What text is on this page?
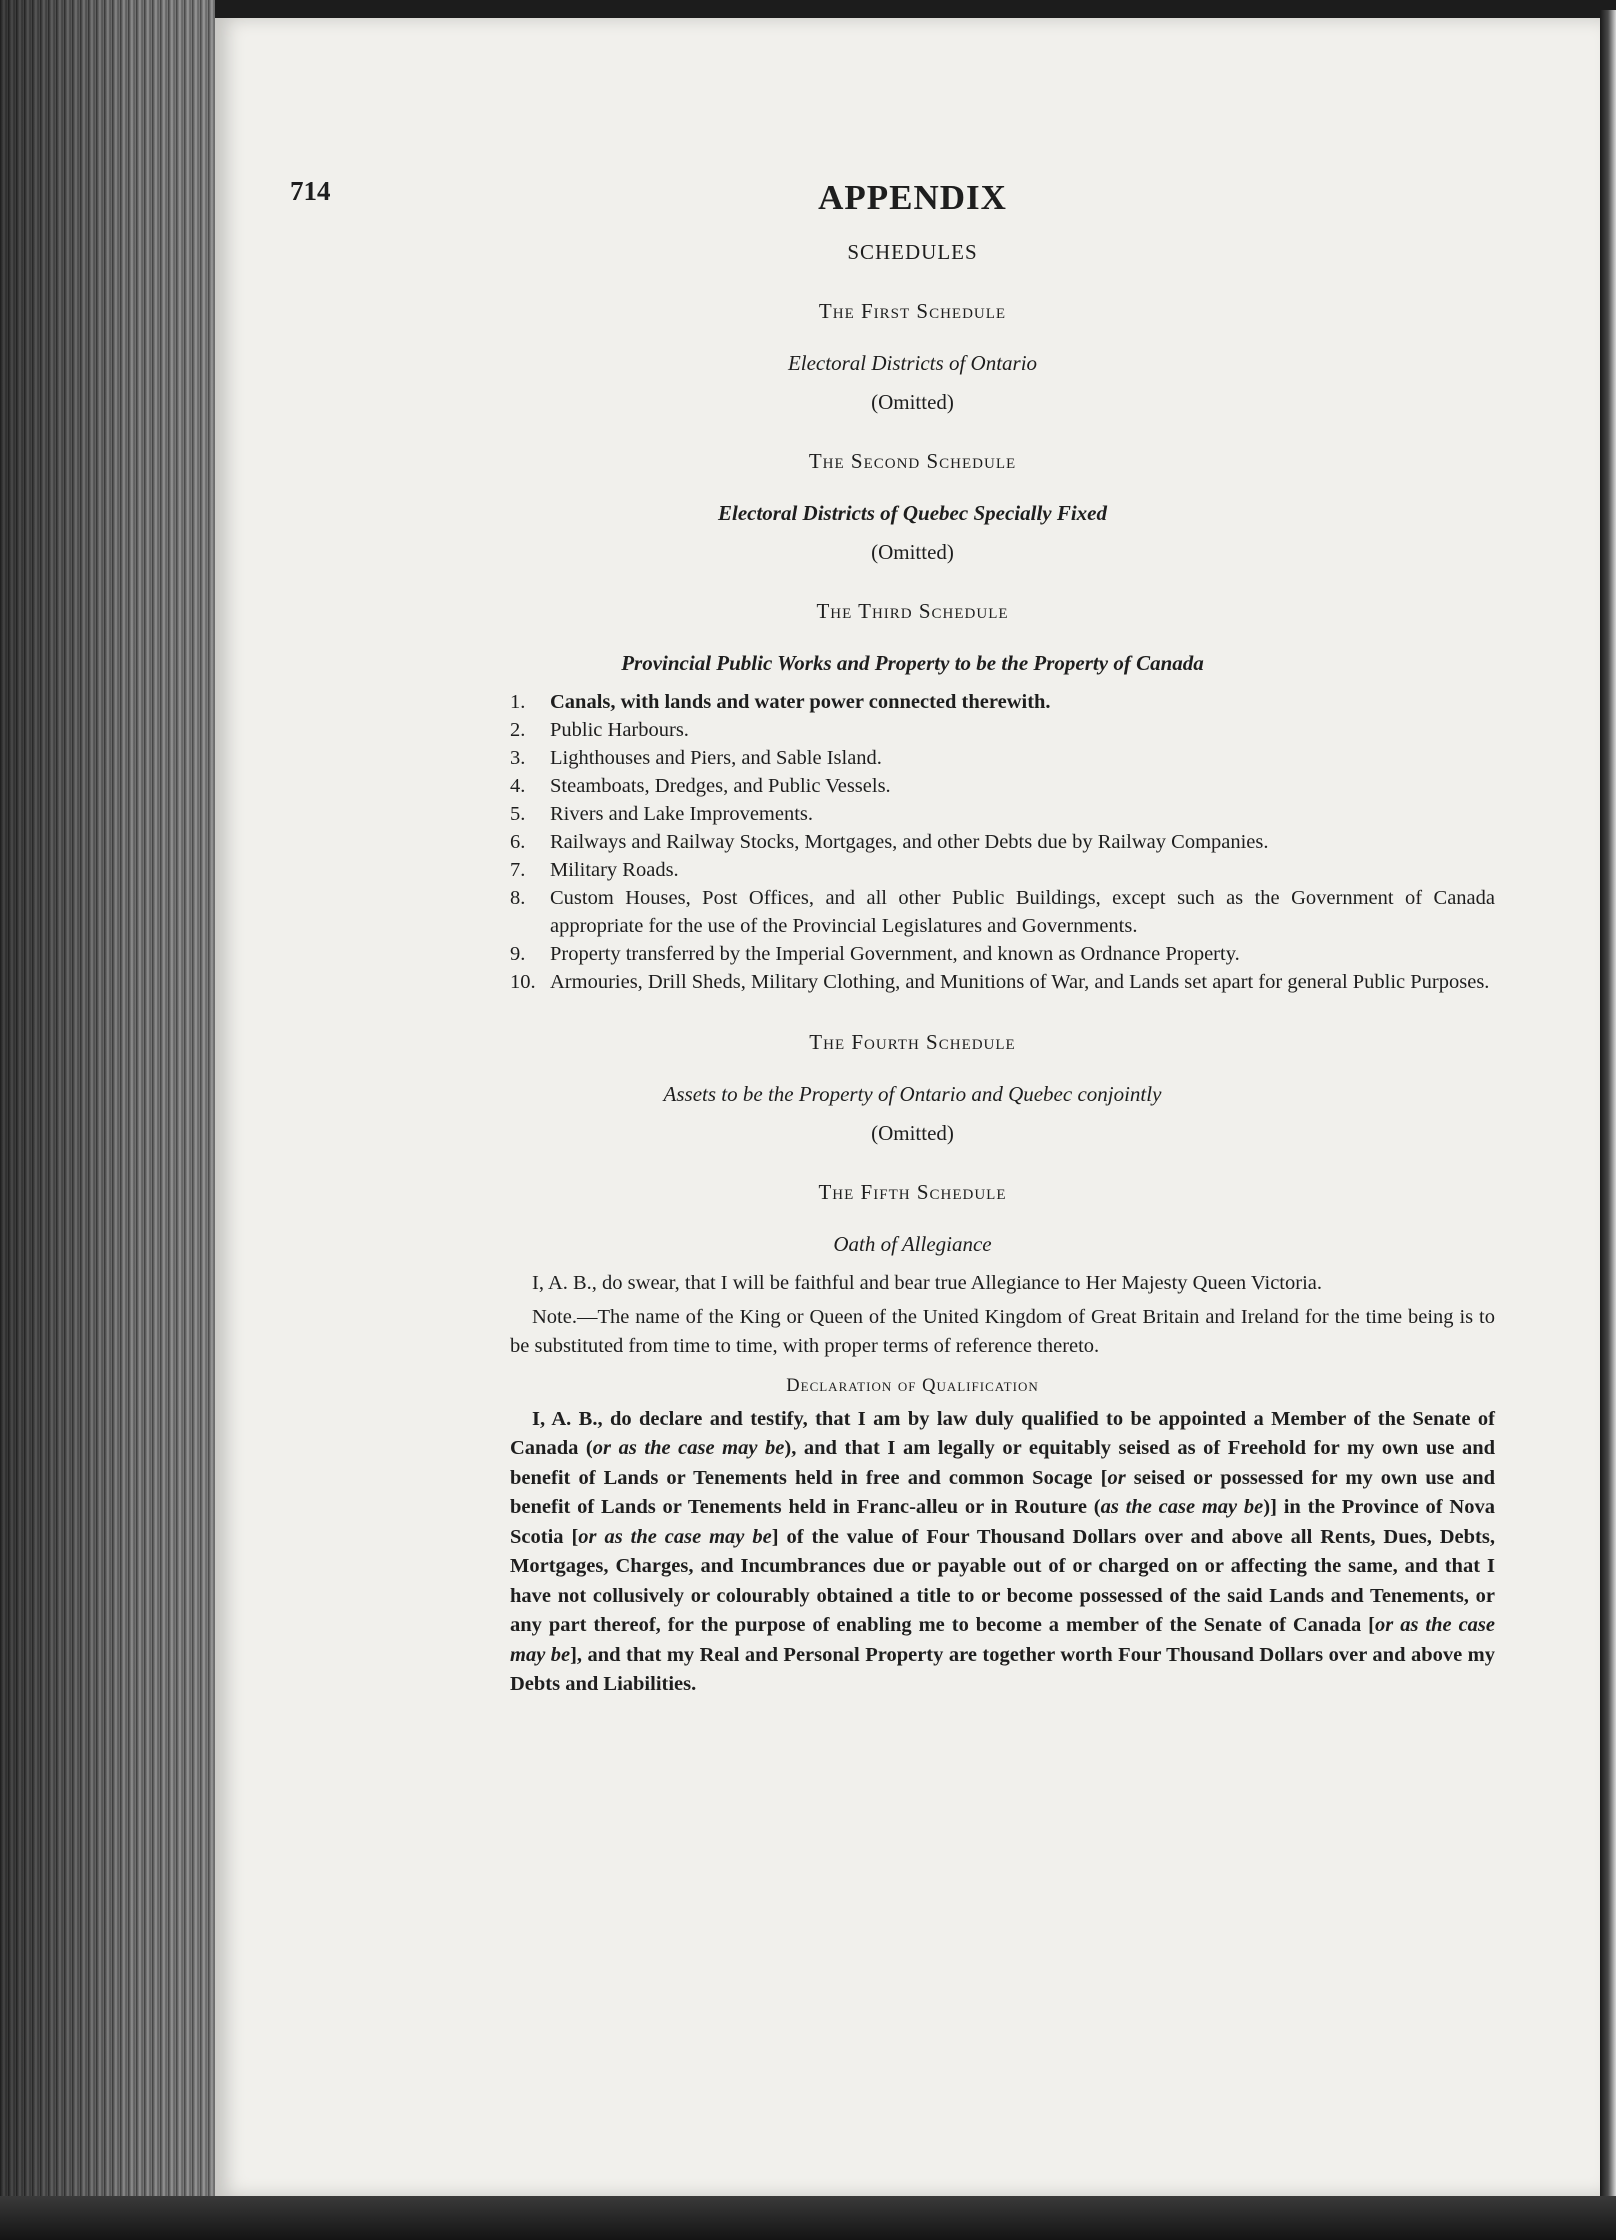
714	APPENDIX
SCHEDULES
The First Schedule
Electoral Districts of Ontario
(Omitted)
The Second Schedule
Electoral Districts of Quebec Specially Fixed
(Omitted)
The Third Schedule
Provincial Public Works and Property to be the Property of Canada
1.	Canals, with lands and water power connected therewith.
2.	Public Harbours.
3.	Lighthouses and Piers, and Sable Island.
4.	Steamboats, Dredges, and Public Vessels.
5.	Rivers and Lake Improvements.
6.	Railways and Railway Stocks, Mortgages, and other Debts due by Railway Companies.
7.	Military Roads.
8.	Custom Houses, Post Offices, and all other Public Buildings, except such as the Government of Canada appropriate for the use of the Provincial Legislatures and Governments.
9.	Property transferred by the Imperial Government, and known as Ordnance Property.
10. Armouries, Drill Sheds, Military Clothing, and Munitions of War, and Lands set apart for general Public Purposes.
The Fourth Schedule
Assets to be the Property of Ontario and Quebec conjointly
(Omitted)
The Fifth Schedule
Oath of Allegiance

I, A. B., do swear, that I will be faithful and bear true Allegiance to Her Majesty Queen Victoria.

Note.—The name of the King or Queen of the United Kingdom of Great Britain and Ireland for the time being is to be substituted from time to time, with proper terms of reference thereto.

Declaration of Qualification

I, A. B., do declare and testify, that I am by law duly qualified to be appointed a Member of the Senate of Canada (or as the case may be), and that I am legally or equitably seised as of Freehold for my own use and benefit of Lands or Tenements held in free and common Socage [or seised or possessed for my own use and benefit of Lands or Tenements held in Franc-alleu or in Routure (as the case may be)] in the Province of Nova Scotia [or as the case may be] of the value of Four Thousand Dollars over and above all Rents, Dues, Debts, Mortgages, Charges, and Incumbrances due or payable out of or charged on or affecting the same, and that I have not collusively or colourably obtained a title to or become possessed of the said Lands and Tenements, or any part thereof, for the purpose of enabling me to become a member of the Senate of Canada [or as the case may be], and that my Real and Personal Property are together worth Four Thousand Dollars over and above my Debts and Liabilities.
